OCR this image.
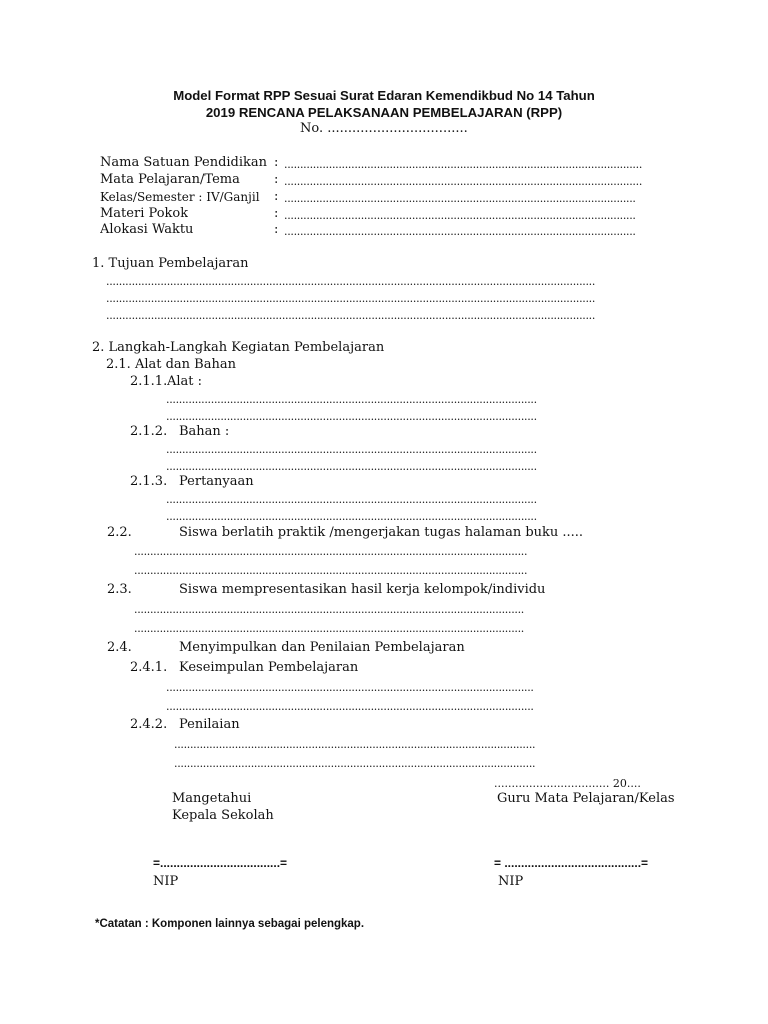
Model Format RPP Sesuai Surat Edaran Kemendikbud No 14 Tahun
2019 RENCANA PELAKSANAAN PEMBELAJARAN (RPP)
No. ..................................
Nama Satuan Pendidikan : ................................................................................................................
Mata Pelajaran/Tema	: ................................................................................................................
Kelas/Semester : IV/Ganjil : ..............................................................................................................
Materi Pokok	: ..............................................................................................................
Alokasi Waktu	: ..............................................................................................................
1. Tujuan Pembelajaran
.........................................................................................................................................................
.........................................................................................................................................................
.........................................................................................................................................................
2. Langkah-Langkah Kegiatan Pembelajaran
2.1. Alat dan Bahan
2.1.1. Alat :
....................................................................................................................
....................................................................................................................
2.1.2. Bahan :
....................................................................................................................
....................................................................................................................
2.1.3. Pertanyaan
....................................................................................................................
....................................................................................................................
2.2.	Siswa berlatih praktik /mengerjakan tugas halaman buku .....
...........................................................................................................................
...........................................................................................................................
2.3.	Siswa mempresentasikan hasil kerja kelompok/individu
..........................................................................................................................
..........................................................................................................................
2.4.	Menyimpulkan dan Penilaian Pembelajaran
2.4.1. Keseimpulan Pembelajaran
...................................................................................................................
...................................................................................................................
2.4.2. Penilaian
.................................................................................................................
.................................................................................................................
................................. 20....
Mangetahui	Guru Mata Pelajaran/Kelas
Kepala Sekolah
=....................................=	= .........................................=
NIP	NIP
*Catatan : Komponen lainnya sebagai pelengkap.
